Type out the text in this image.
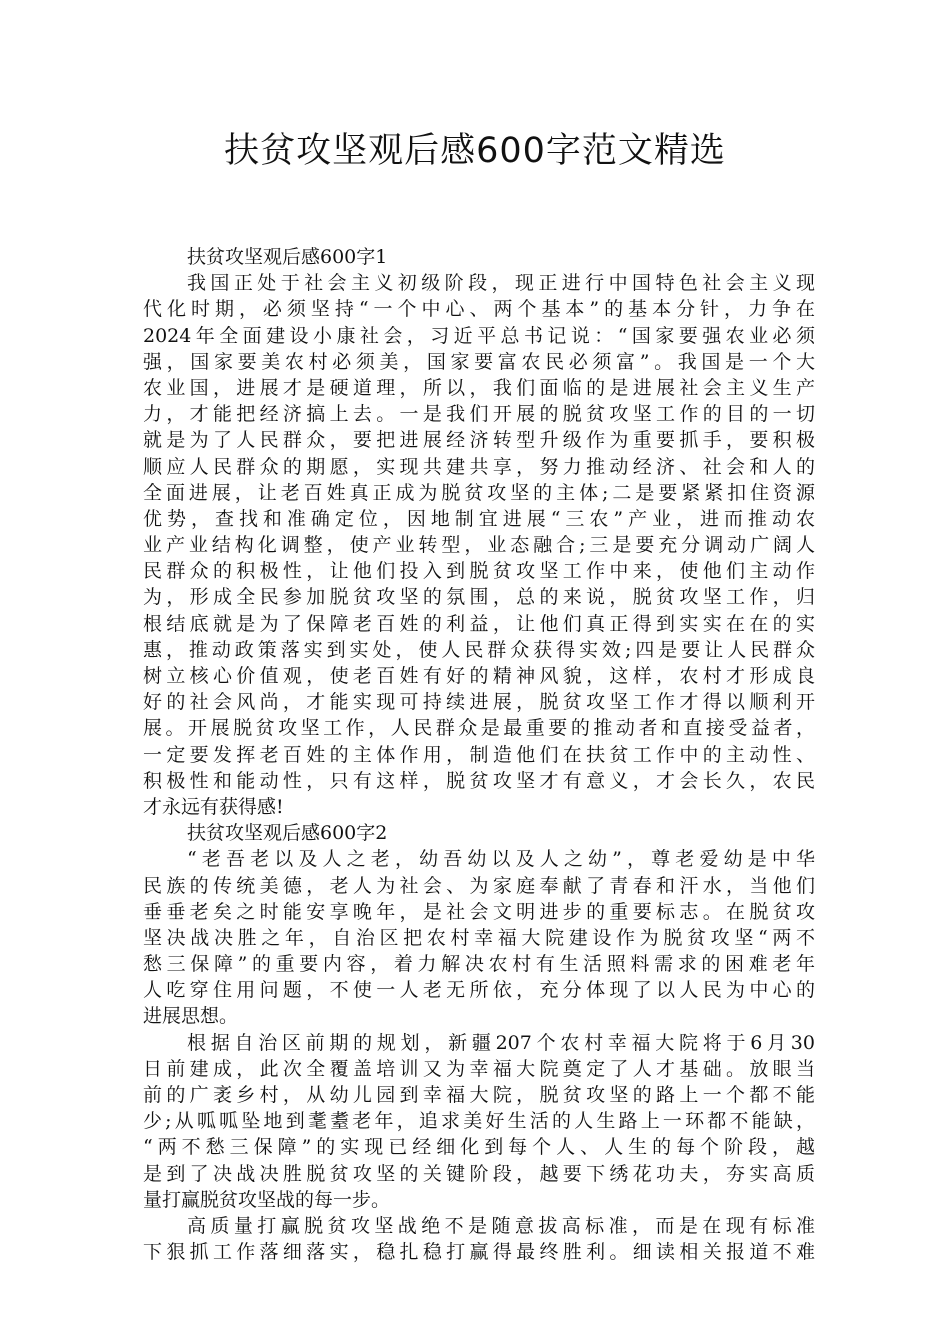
扶贫攻坚观后感600字范文精选
扶贫攻坚观后感600字1
我国正处于社会主义初级阶段，现正进行中国特色社会主义现
代化时期，必须坚持“一个中心、两个基本”的基本分针，力争在
2024年全面建设小康社会，习近平总书记说：“国家要强农业必须
强，国家要美农村必须美，国家要富农民必须富”。我国是一个大
农业国，进展才是硬道理，所以，我们面临的是进展社会主义生产
力，才能把经济搞上去。一是我们开展的脱贫攻坚工作的目的一切
就是为了人民群众，要把进展经济转型升级作为重要抓手，要积极
顺应人民群众的期愿，实现共建共享，努力推动经济、社会和人的
全面进展，让老百姓真正成为脱贫攻坚的主体;二是要紧紧扣住资源
优势，查找和准确定位，因地制宜进展“三农”产业，进而推动农
业产业结构化调整，使产业转型，业态融合;三是要充分调动广阔人
民群众的积极性，让他们投入到脱贫攻坚工作中来，使他们主动作
为，形成全民参加脱贫攻坚的氛围，总的来说，脱贫攻坚工作，归
根结底就是为了保障老百姓的利益，让他们真正得到实实在在的实
惠，推动政策落实到实处，使人民群众获得实效;四是要让人民群众
树立核心价值观，使老百姓有好的精神风貌，这样，农村才形成良
好的社会风尚，才能实现可持续进展，脱贫攻坚工作才得以顺利开
展。开展脱贫攻坚工作，人民群众是最重要的推动者和直接受益者，
一定要发挥老百姓的主体作用，制造他们在扶贫工作中的主动性、
积极性和能动性，只有这样，脱贫攻坚才有意义，才会长久，农民
才永远有获得感!
扶贫攻坚观后感600字2
“老吾老以及人之老，幼吾幼以及人之幼”，尊老爱幼是中华
民族的传统美德，老人为社会、为家庭奉献了青春和汗水，当他们
垂垂老矣之时能安享晚年，是社会文明进步的重要标志。在脱贫攻
坚决战决胜之年，自治区把农村幸福大院建设作为脱贫攻坚“两不
愁三保障”的重要内容，着力解决农村有生活照料需求的困难老年
人吃穿住用问题，不使一人老无所依，充分体现了以人民为中心的
进展思想。
根据自治区前期的规划，新疆207个农村幸福大院将于6月30
日前建成，此次全覆盖培训又为幸福大院奠定了人才基础。放眼当
前的广袤乡村，从幼儿园到幸福大院，脱贫攻坚的路上一个都不能
少;从呱呱坠地到耄耋老年，追求美好生活的人生路上一环都不能缺，
“两不愁三保障”的实现已经细化到每个人、人生的每个阶段，越
是到了决战决胜脱贫攻坚的关键阶段，越要下绣花功夫，夯实高质
量打赢脱贫攻坚战的每一步。
高质量打赢脱贫攻坚战绝不是随意拔高标准，而是在现有标准
下狠抓工作落细落实，稳扎稳打赢得最终胜利。细读相关报道不难
